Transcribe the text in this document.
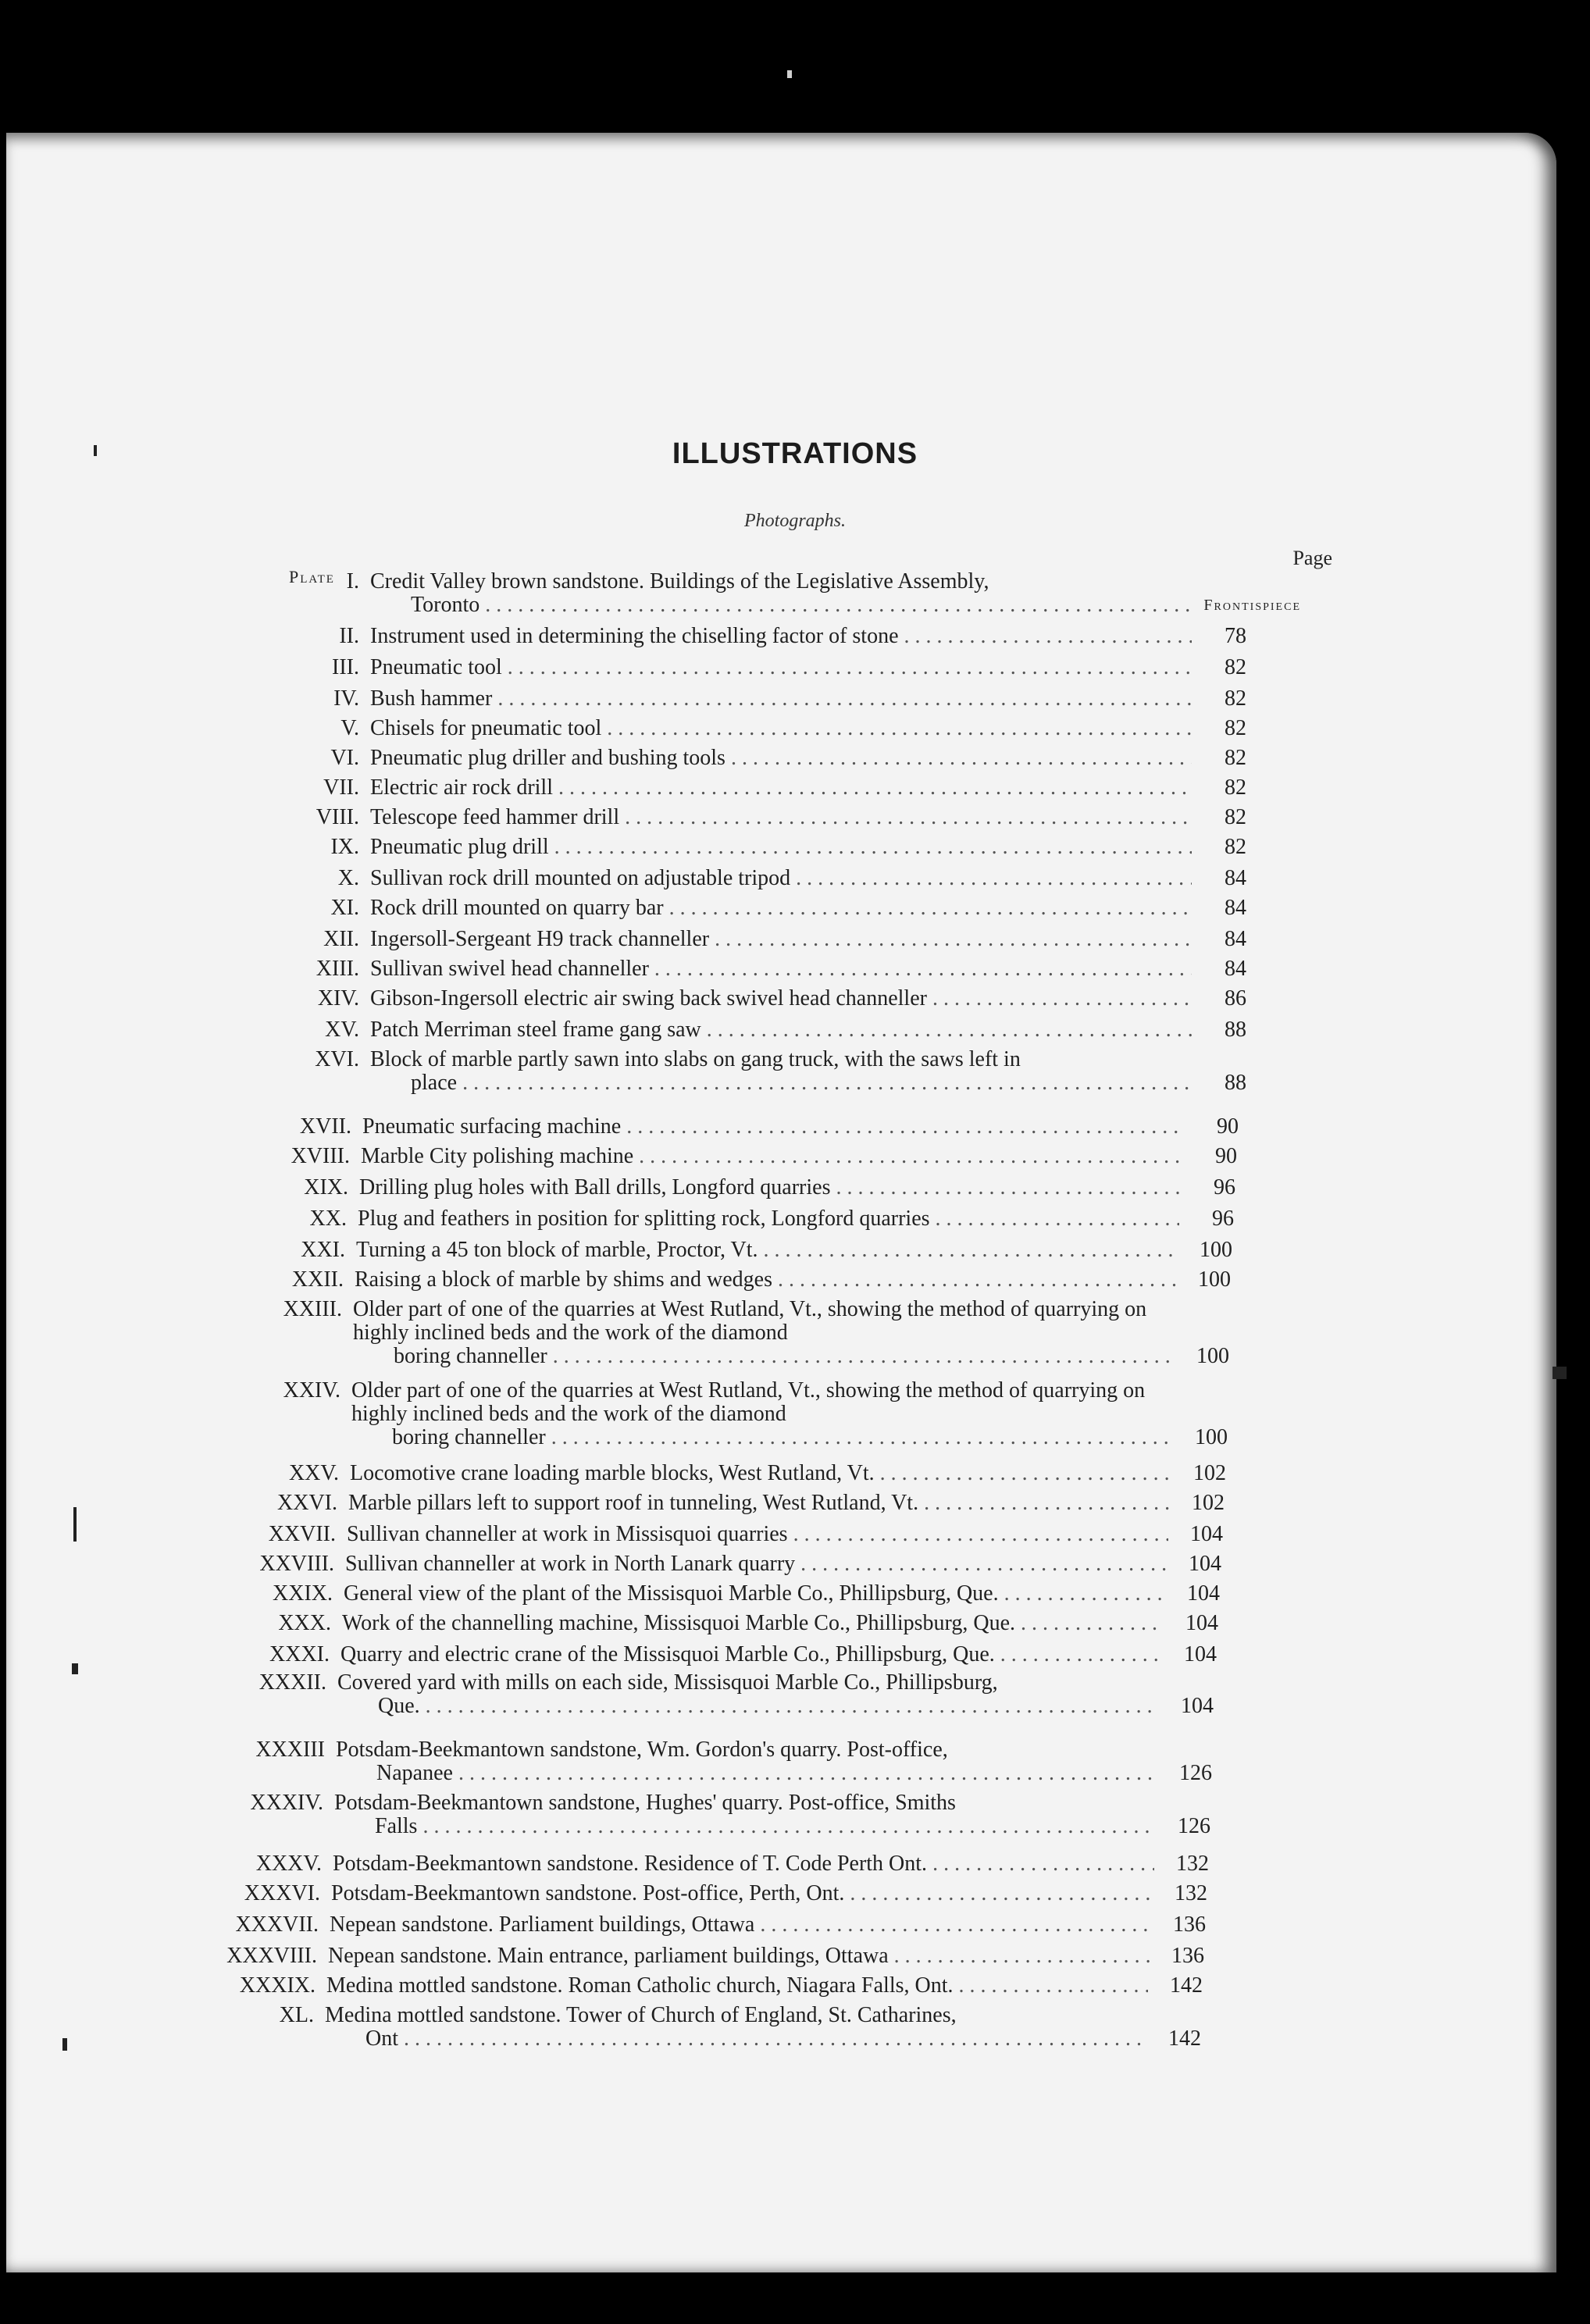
ILLUSTRATIONS
Photographs.
Page
Plate I. Credit Valley brown sandstone. Buildings of the Legislative Assembly,
Toronto . . .	Frontispiece
II. Instrument used in determining the chiselling factor of stone . . .	78
III. Pneumatic tool . . .	82
IV. Bush hammer . . .	82
V. Chisels for pneumatic tool . . .	82
VI. Pneumatic plug driller and bushing tools . . .	82
VII. Electric air rock drill . . .	82
VIII. Telescope feed hammer drill . . .	82
IX. Pneumatic plug drill . . .	82
X. Sullivan rock drill mounted on adjustable tripod . . .	84
XI. Rock drill mounted on quarry bar . . .	84
XII. Ingersoll-Sergeant H9 track channeller . . .	84
XIII. Sullivan swivel head channeller . . .	84
XIV. Gibson-Ingersoll electric air swing back swivel head channeller . . .	86
XV. Patch Merriman steel frame gang saw . . .	88
XVI. Block of marble partly sawn into slabs on gang truck, with the saws left in
place . . .	88
XVII. Pneumatic surfacing machine . . .	90
XVIII. Marble City polishing machine . . .	90
XIX. Drilling plug holes with Ball drills, Longford quarries . . .	96
XX. Plug and feathers in position for splitting rock, Longford quarries . . .	96
XXI. Turning a 45 ton block of marble, Proctor, Vt. . . .	100
XXII. Raising a block of marble by shims and wedges . . .	100
XXIII. Older part of one of the quarries at West Rutland, Vt., showing the method of quarrying on highly inclined beds and the work of the diamond
boring channeller . . .	100
XXIV. Older part of one of the quarries at West Rutland, Vt., showing the method of quarrying on highly inclined beds and the work of the diamond
boring channeller . . .	100
XXV. Locomotive crane loading marble blocks, West Rutland, Vt. . . .	102
XXVI. Marble pillars left to support roof in tunneling, West Rutland, Vt. . . .	102
XXVII. Sullivan channeller at work in Missisquoi quarries . . .	104
XXVIII. Sullivan channeller at work in North Lanark quarry . . .	104
XXIX. General view of the plant of the Missisquoi Marble Co., Phillipsburg, Que. . . .	104
XXX. Work of the channelling machine, Missisquoi Marble Co., Phillipsburg, Que. . . .	104
XXXI. Quarry and electric crane of the Missisquoi Marble Co., Phillipsburg, Que. . . .	104
XXXII. Covered yard with mills on each side, Missisquoi Marble Co., Phillipsburg,
Que. . . .	104
XXXIII Potsdam-Beekmantown sandstone, Wm. Gordon's quarry. Post-office,
Napanee . . .	126
XXXIV. Potsdam-Beekmantown sandstone, Hughes' quarry. Post-office, Smiths
Falls . . .	126
XXXV. Potsdam-Beekmantown sandstone. Residence of T. Code Perth Ont. . . .	132
XXXVI. Potsdam-Beekmantown sandstone. Post-office, Perth, Ont. . . .	132
XXXVII. Nepean sandstone. Parliament buildings, Ottawa . . .	136
XXXVIII. Nepean sandstone. Main entrance, parliament buildings, Ottawa . . .	136
XXXIX. Medina mottled sandstone. Roman Catholic church, Niagara Falls, Ont. . . .	142
XL. Medina mottled sandstone. Tower of Church of England, St. Catharines,
Ont . . .	142
